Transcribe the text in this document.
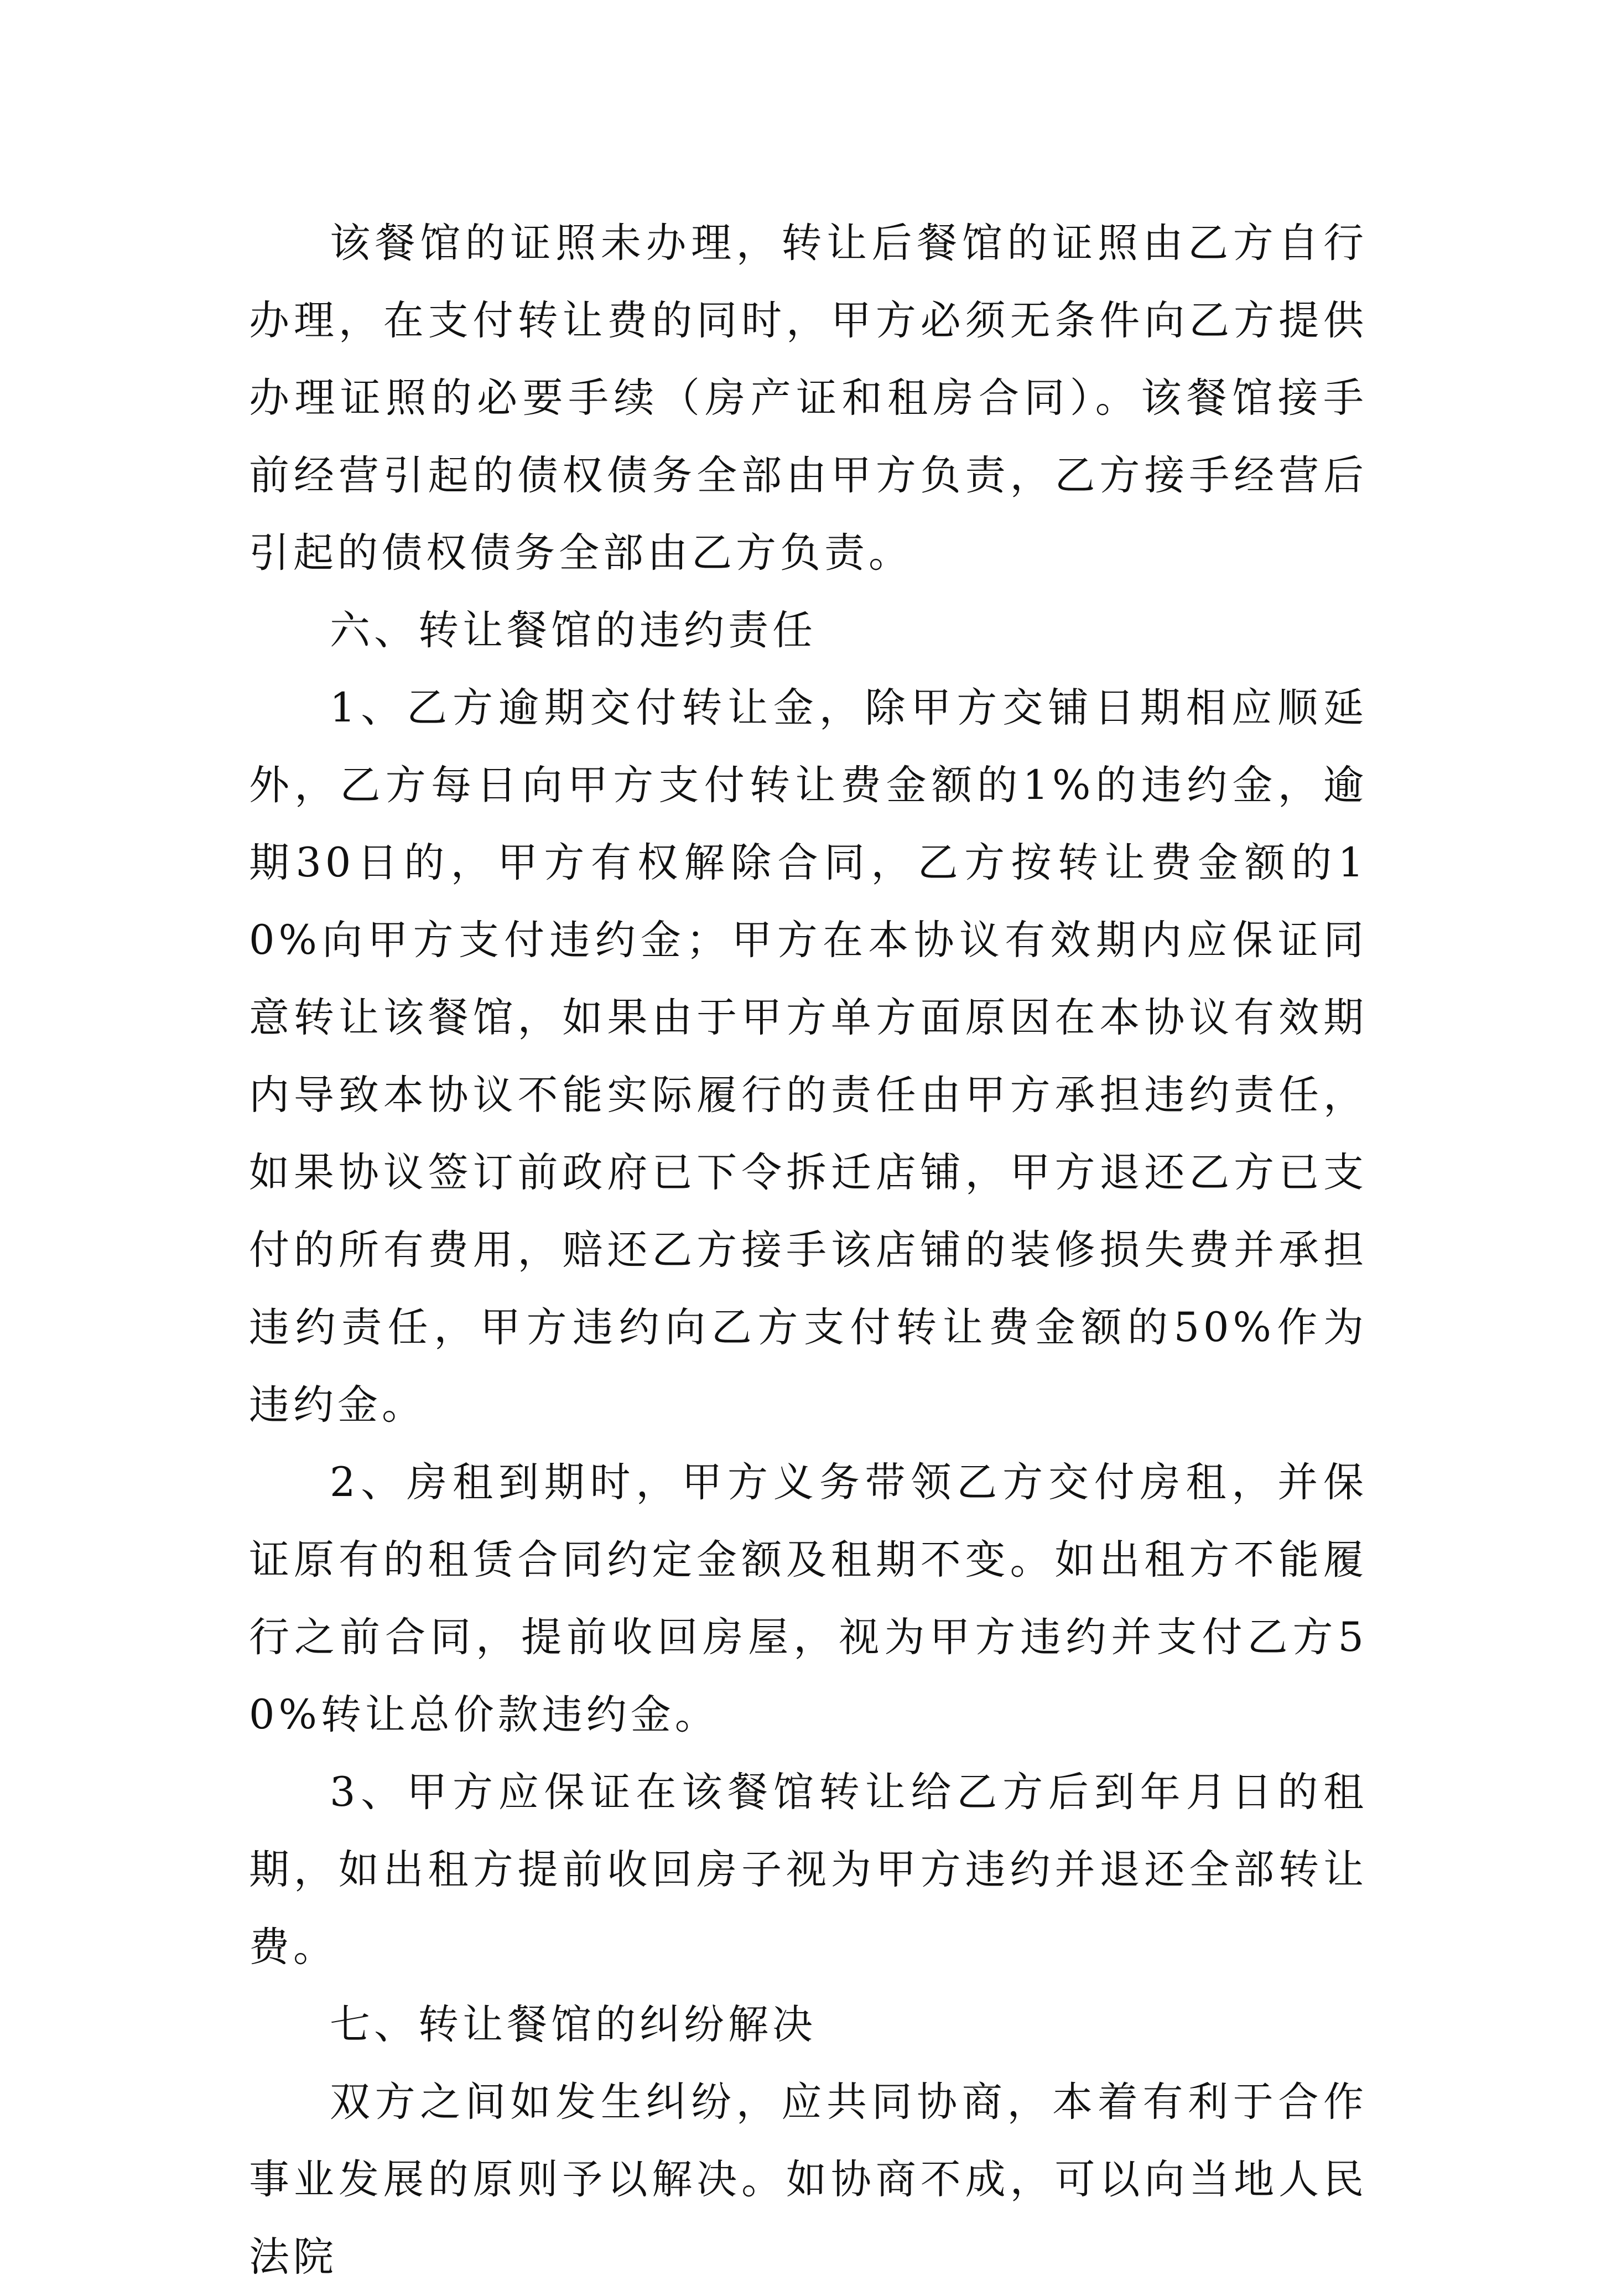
该餐馆的证照未办理，转让后餐馆的证照由乙方自行办理，在支付转让费的同时，甲方必须无条件向乙方提供办理证照的必要手续（房产证和租房合同）。该餐馆接手前经营引起的债权债务全部由甲方负责，乙方接手经营后引起的债权债务全部由乙方负责。

六、转让餐馆的违约责任

1、乙方逾期交付转让金，除甲方交铺日期相应顺延外，乙方每日向甲方支付转让费金额的1%的违约金，逾期30日的，甲方有权解除合同，乙方按转让费金额的10%向甲方支付违约金；甲方在本协议有效期内应保证同意转让该餐馆，如果由于甲方单方面原因在本协议有效期内导致本协议不能实际履行的责任由甲方承担违约责任，如果协议签订前政府已下令拆迁店铺，甲方退还乙方已支付的所有费用，赔还乙方接手该店铺的装修损失费并承担违约责任，甲方违约向乙方支付转让费金额的50%作为违约金。

2、房租到期时，甲方义务带领乙方交付房租，并保证原有的租赁合同约定金额及租期不变。如出租方不能履行之前合同，提前收回房屋，视为甲方违约并支付乙方50%转让总价款违约金。

3、甲方应保证在该餐馆转让给乙方后到年月日的租期，如出租方提前收回房子视为甲方违约并退还全部转让费。

七、转让餐馆的纠纷解决

双方之间如发生纠纷，应共同协商，本着有利于合作事业发展的原则予以解决。如协商不成，可以向当地人民法院
